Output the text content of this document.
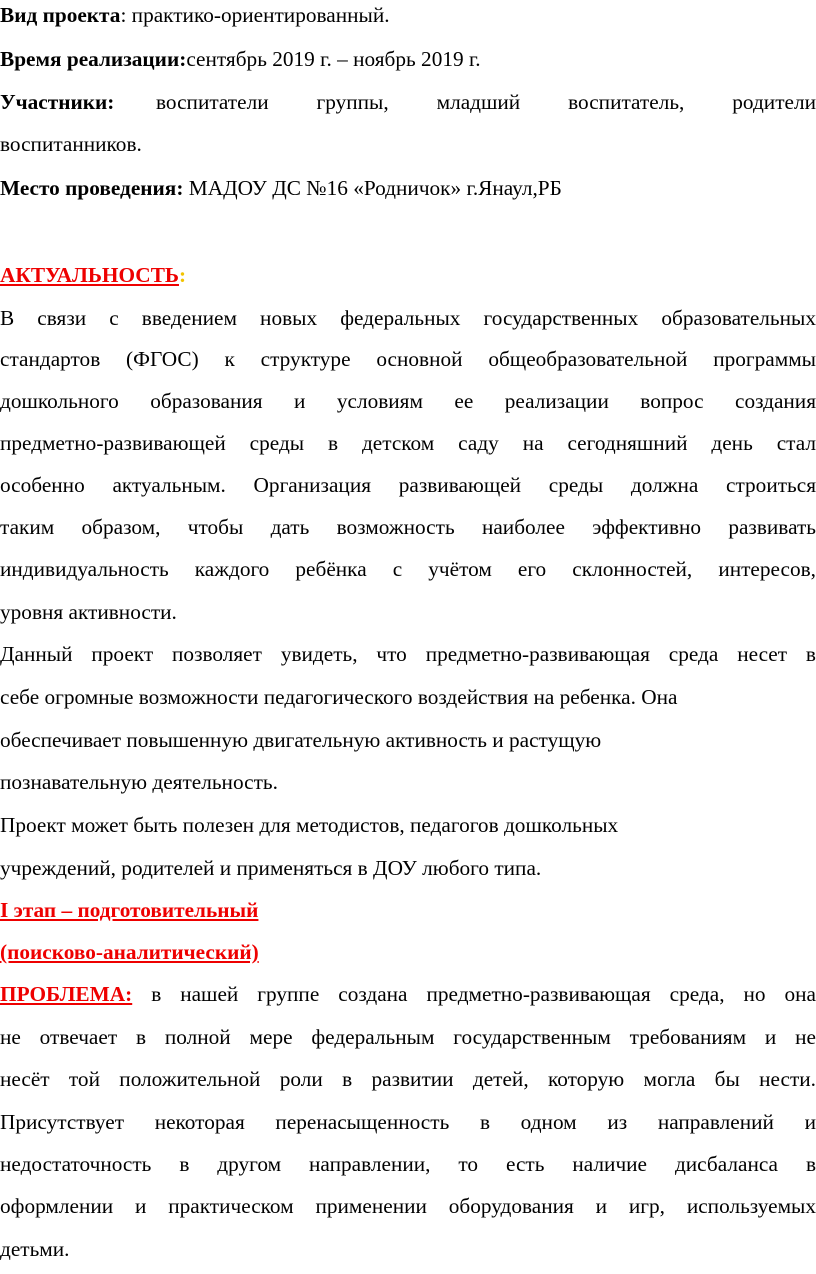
Вид проекта: практико-ориентированный.
Время реализации:сентябрь 2019 г. – ноябрь 2019 г.
Участники: воспитатели группы, младший воспитатель, родители
воспитанников.
Место проведения: МАДОУ ДС №16 «Родничок» г.Янаул,РБ
АКТУАЛЬНОСТЬ:
В связи с введением новых федеральных государственных образовательных
стандартов (ФГОС) к структуре основной общеобразовательной программы
дошкольного образования и условиям ее реализации вопрос создания
предметно-развивающей среды в детском саду на сегодняшний день стал
особенно актуальным. Организация развивающей среды должна строиться
таким образом, чтобы дать возможность наиболее эффективно развивать
индивидуальность каждого ребёнка с учётом его склонностей, интересов,
уровня активности.
Данный проект позволяет увидеть, что предметно-развивающая среда несет в
себе огромные возможности педагогического воздействия на ребенка. Она
обеспечивает повышенную двигательную активность и растущую
познавательную деятельность.
Проект может быть полезен для методистов, педагогов дошкольных
учреждений, родителей и применяться в ДОУ любого типа.
I этап – подготовительный
(поисково-аналитический)
ПРОБЛЕМА: в нашей группе создана предметно-развивающая среда, но она
не отвечает в полной мере федеральным государственным требованиям и не
несёт той положительной роли в развитии детей, которую могла бы нести.
Присутствует некоторая перенасыщенность в одном из направлений и
недостаточность в другом направлении, то есть наличие дисбаланса в
оформлении и практическом применении оборудования и игр, используемых
детьми.
